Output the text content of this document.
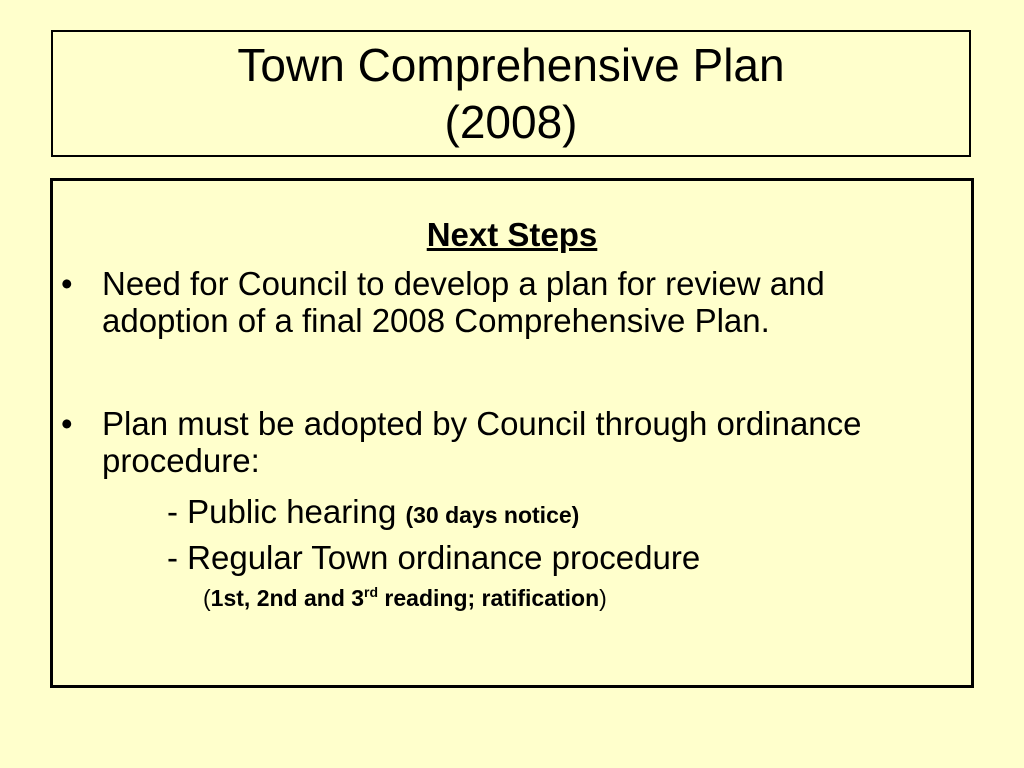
Town Comprehensive Plan
(2008)
Next Steps
• Need for Council to develop a plan for review and adoption of a final 2008 Comprehensive Plan.
• Plan must be adopted by Council through ordinance procedure:
- Public hearing (30 days notice)
- Regular Town ordinance procedure
(1st, 2nd and 3rd reading; ratification)
